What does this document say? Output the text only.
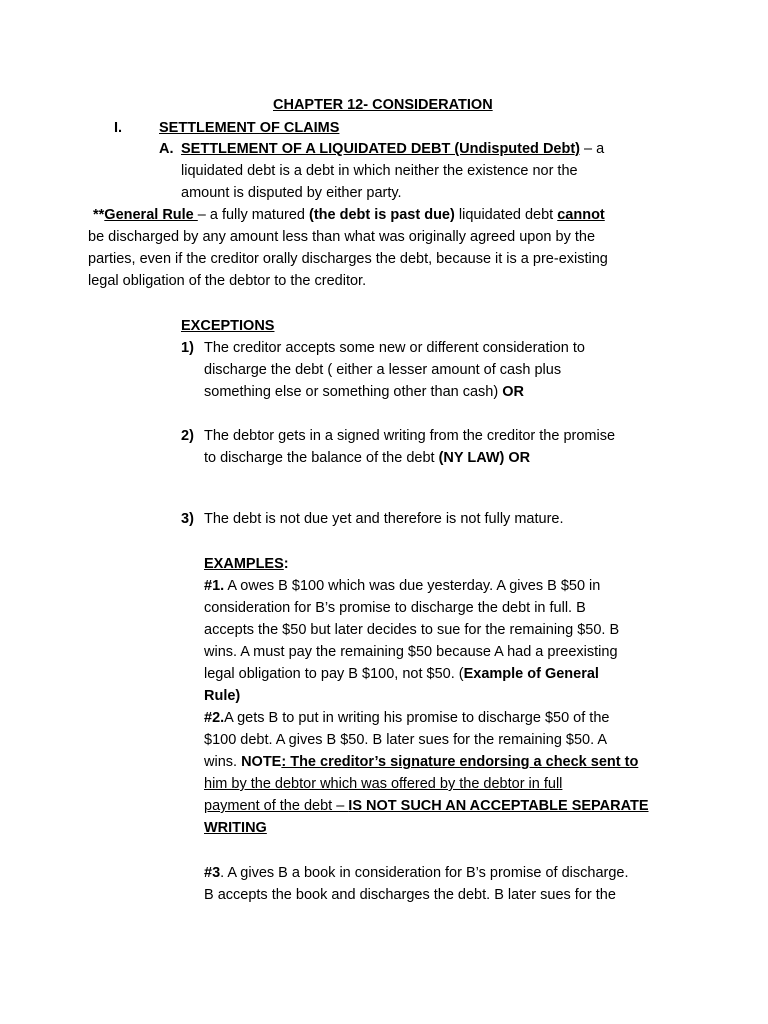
CHAPTER 12- CONSIDERATION
I.	SETTLEMENT OF CLAIMS
A. SETTLEMENT OF A LIQUIDATED DEBT (Undisputed Debt) – a
liquidated debt is a debt in which neither the existence nor the
amount is disputed by either party.
**General Rule – a fully matured (the debt is past due) liquidated debt cannot
be discharged by any amount less than what was originally agreed upon by the
parties, even if the creditor orally discharges the debt, because it is a pre-existing
legal obligation of the debtor to the creditor.
EXCEPTIONS
1) The creditor accepts some new or different consideration to
discharge the debt ( either a lesser amount of cash plus
something else or something other than cash) OR
2) The debtor gets in a signed writing from the creditor the promise
to discharge the balance of the debt (NY LAW) OR
3) The debt is not due yet and therefore is not fully mature.
EXAMPLES:
#1. A owes B $100 which was due yesterday. A gives B $50 in
consideration for B’s promise to discharge the debt in full. B
accepts the $50 but later decides to sue for the remaining $50. B
wins. A must pay the remaining $50 because A had a preexisting
legal obligation to pay B $100, not $50. (Example of General
Rule)
#2.A gets B to put in writing his promise to discharge $50 of the
$100 debt. A gives B $50. B later sues for the remaining $50. A
wins. NOTE: The creditor’s signature endorsing a check sent to
him by the debtor which was offered by the debtor in full
payment of the debt – IS NOT SUCH AN ACCEPTABLE SEPARATE
WRITING
#3. A gives B a book in consideration for B’s promise of discharge.
B accepts the book and discharges the debt. B later sues for the
